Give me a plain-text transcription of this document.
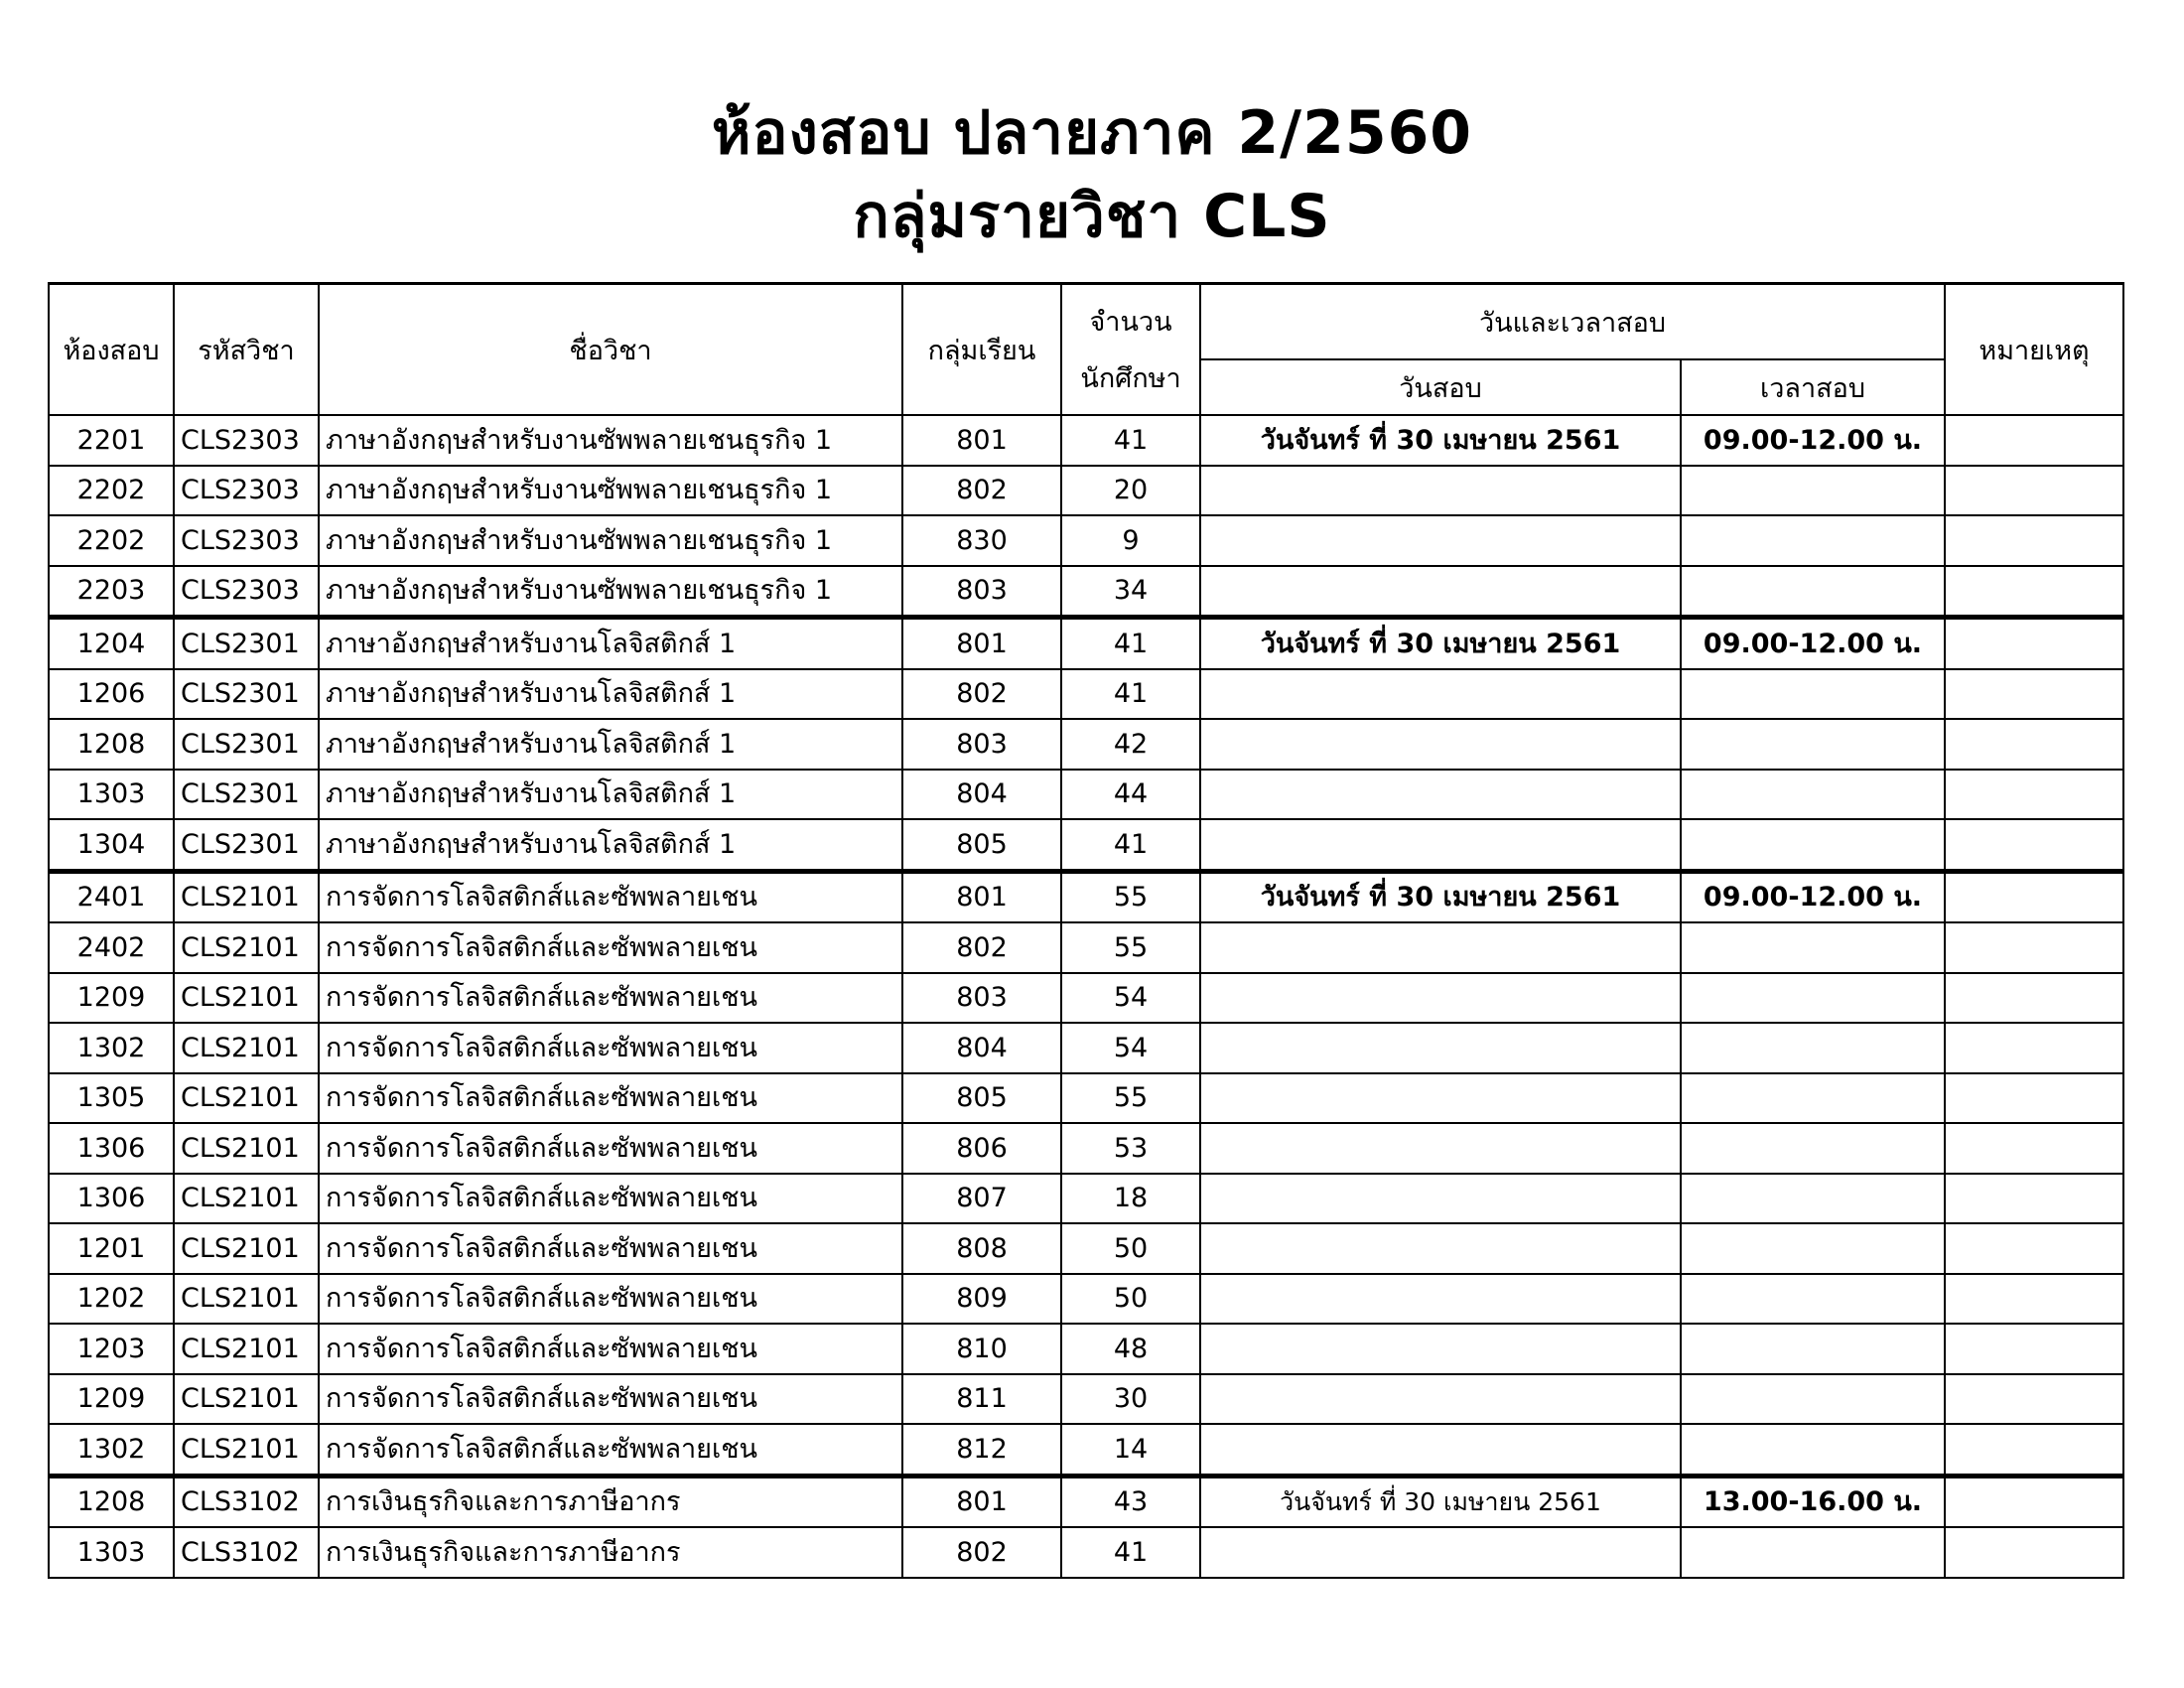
ห้องสอบ ปลายภาค 2/2560
กลุ่มรายวิชา CLS
ห้องสอบ	รหัสวิชา	ชื่อวิชา	กลุ่มเรียน	จำนวน
นักศึกษา	วันและเวลาสอบ		หมายเหตุ
					วันสอบ	เวลาสอบ	
2201	CLS2303	ภาษาอังกฤษสำหรับงานซัพพลายเชนธุรกิจ 1	801	41	วันจันทร์ ที่ 30 เมษายน 2561	09.00-12.00 น.	
2202	CLS2303	ภาษาอังกฤษสำหรับงานซัพพลายเชนธุรกิจ 1	802	20			
2202	CLS2303	ภาษาอังกฤษสำหรับงานซัพพลายเชนธุรกิจ 1	830	9			
2203	CLS2303	ภาษาอังกฤษสำหรับงานซัพพลายเชนธุรกิจ 1	803	34			
1204	CLS2301	ภาษาอังกฤษสำหรับงานโลจิสติกส์ 1	801	41	วันจันทร์ ที่ 30 เมษายน 2561	09.00-12.00 น.	
1206	CLS2301	ภาษาอังกฤษสำหรับงานโลจิสติกส์ 1	802	41			
1208	CLS2301	ภาษาอังกฤษสำหรับงานโลจิสติกส์ 1	803	42			
1303	CLS2301	ภาษาอังกฤษสำหรับงานโลจิสติกส์ 1	804	44			
1304	CLS2301	ภาษาอังกฤษสำหรับงานโลจิสติกส์ 1	805	41			
2401	CLS2101	การจัดการโลจิสติกส์และซัพพลายเชน	801	55	วันจันทร์ ที่ 30 เมษายน 2561	09.00-12.00 น.	
2402	CLS2101	การจัดการโลจิสติกส์และซัพพลายเชน	802	55			
1209	CLS2101	การจัดการโลจิสติกส์และซัพพลายเชน	803	54			
1302	CLS2101	การจัดการโลจิสติกส์และซัพพลายเชน	804	54			
1305	CLS2101	การจัดการโลจิสติกส์และซัพพลายเชน	805	55			
1306	CLS2101	การจัดการโลจิสติกส์และซัพพลายเชน	806	53			
1306	CLS2101	การจัดการโลจิสติกส์และซัพพลายเชน	807	18			
1201	CLS2101	การจัดการโลจิสติกส์และซัพพลายเชน	808	50			
1202	CLS2101	การจัดการโลจิสติกส์และซัพพลายเชน	809	50			
1203	CLS2101	การจัดการโลจิสติกส์และซัพพลายเชน	810	48			
1209	CLS2101	การจัดการโลจิสติกส์และซัพพลายเชน	811	30			
1302	CLS2101	การจัดการโลจิสติกส์และซัพพลายเชน	812	14			
1208	CLS3102	การเงินธุรกิจและการภาษีอากร	801	43	วันจันทร์ ที่ 30 เมษายน 2561	13.00-16.00 น.	
1303	CLS3102	การเงินธุรกิจและการภาษีอากร	802	41			
